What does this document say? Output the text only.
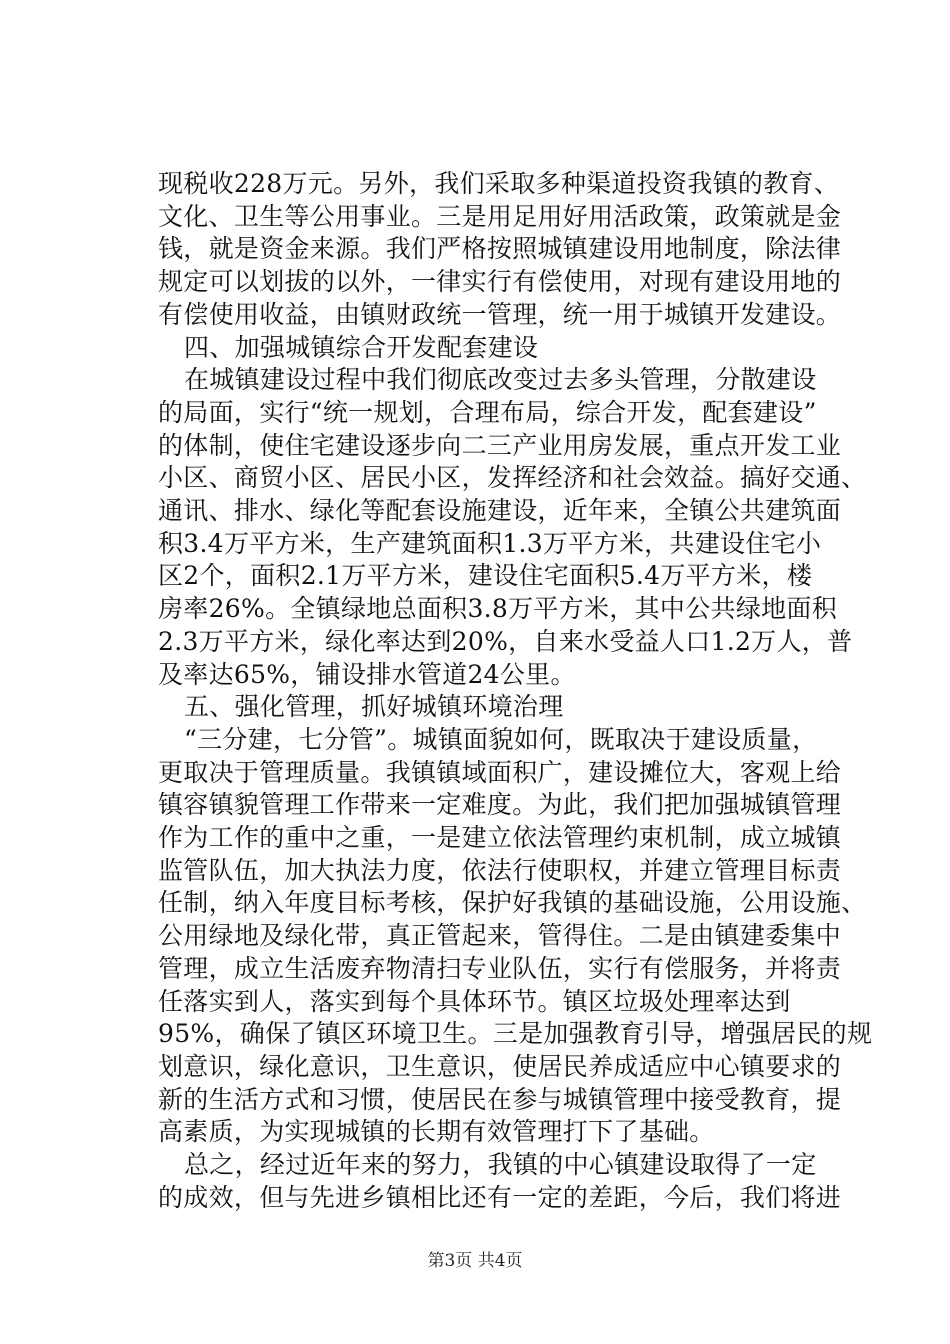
现税收228万元。另外，我们采取多种渠道投资我镇的教育、
文化、卫生等公用事业。三是用足用好用活政策，政策就是金
钱，就是资金来源。我们严格按照城镇建设用地制度，除法律
规定可以划拔的以外，一律实行有偿使用，对现有建设用地的
有偿使用收益，由镇财政统一管理，统一用于城镇开发建设。
四、加强城镇综合开发配套建设
在城镇建设过程中我们彻底改变过去多头管理，分散建设
的局面，实行“统一规划，合理布局，综合开发，配套建设”
的体制，使住宅建设逐步向二三产业用房发展，重点开发工业
小区、商贸小区、居民小区，发挥经济和社会效益。搞好交通、
通讯、排水、绿化等配套设施建设，近年来，全镇公共建筑面
积3.4万平方米，生产建筑面积1.3万平方米，共建设住宅小
区2个，面积2.1万平方米，建设住宅面积5.4万平方米，楼
房率26%。全镇绿地总面积3.8万平方米，其中公共绿地面积
2.3万平方米，绿化率达到20%，自来水受益人口1.2万人，普
及率达65%，铺设排水管道24公里。
五、强化管理，抓好城镇环境治理
“三分建，七分管”。城镇面貌如何，既取决于建设质量，
更取决于管理质量。我镇镇域面积广，建设摊位大，客观上给
镇容镇貌管理工作带来一定难度。为此，我们把加强城镇管理
作为工作的重中之重，一是建立依法管理约束机制，成立城镇
监管队伍，加大执法力度，依法行使职权，并建立管理目标责
任制，纳入年度目标考核，保护好我镇的基础设施，公用设施、
公用绿地及绿化带，真正管起来，管得住。二是由镇建委集中
管理，成立生活废弃物清扫专业队伍，实行有偿服务，并将责
任落实到人，落实到每个具体环节。镇区垃圾处理率达到
95%，确保了镇区环境卫生。三是加强教育引导，增强居民的规
划意识，绿化意识，卫生意识，使居民养成适应中心镇要求的
新的生活方式和习惯，使居民在参与城镇管理中接受教育，提
高素质，为实现城镇的长期有效管理打下了基础。
总之，经过近年来的努力，我镇的中心镇建设取得了一定
的成效，但与先进乡镇相比还有一定的差距，今后，我们将进
第3页 共4页
